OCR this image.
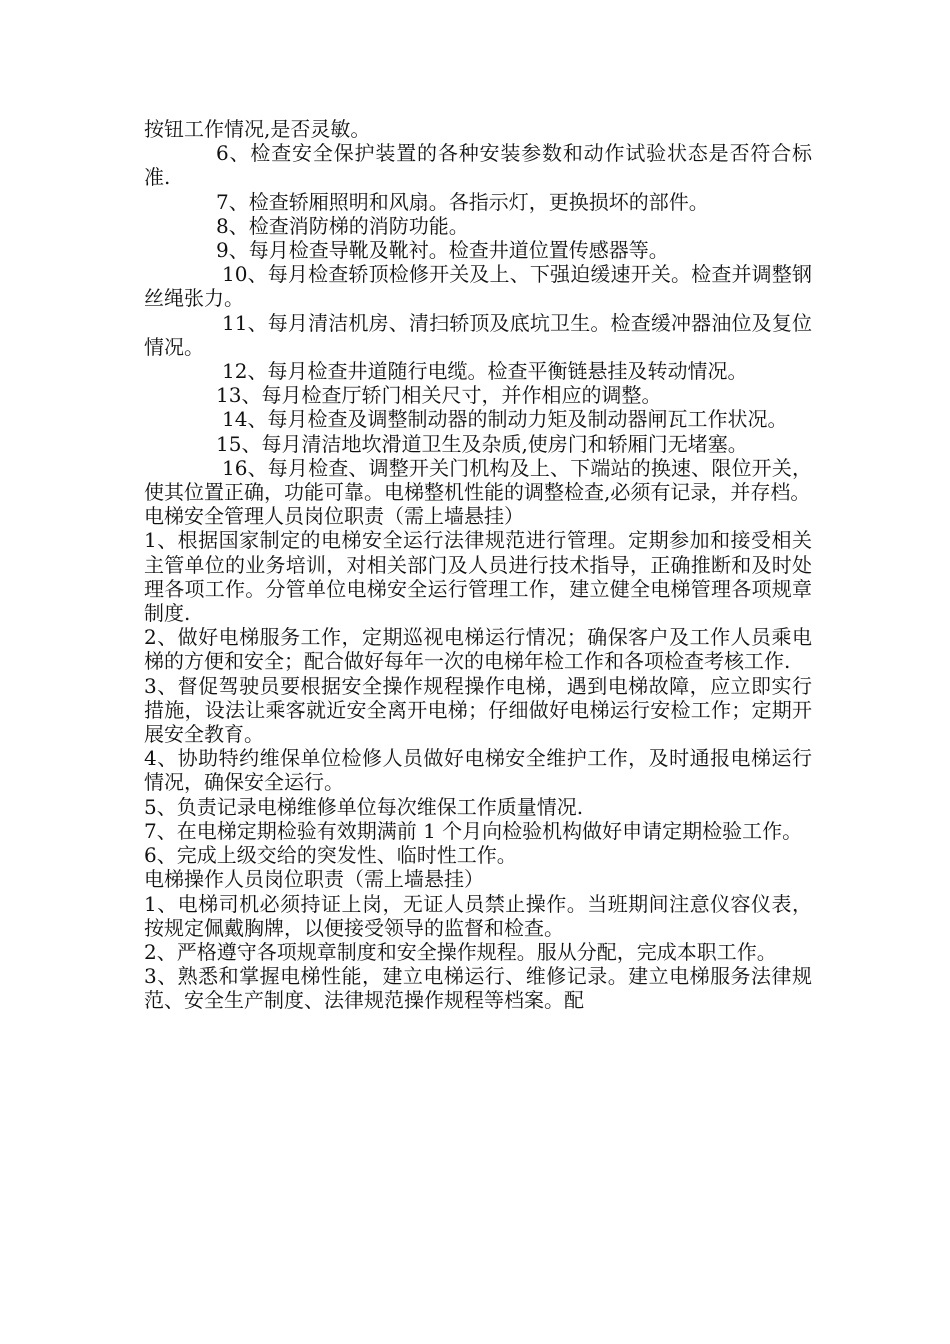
按钮工作情况,是否灵敏。

6、检查安全保护装置的各种安装参数和动作试验状态是否符合标准.

7、检查轿厢照明和风扇。各指示灯，更换损坏的部件。

8、检查消防梯的消防功能。

9、每月检查导靴及靴衬。检查井道位置传感器等。

10、每月检查轿顶检修开关及上、下强迫缓速开关。检查并调整钢丝绳张力。

11、每月清洁机房、清扫轿顶及底坑卫生。检查缓冲器油位及复位情况。

12、每月检查井道随行电缆。检查平衡链悬挂及转动情况。

13、每月检查厅轿门相关尺寸，并作相应的调整。

14、每月检查及调整制动器的制动力矩及制动器闸瓦工作状况。

15、每月清洁地坎滑道卫生及杂质,使房门和轿厢门无堵塞。

16、每月检查、调整开关门机构及上、下端站的换速、限位开关，使其位置正确，功能可靠。电梯整机性能的调整检查,必须有记录，并存档。

电梯安全管理人员岗位职责（需上墙悬挂）

1、根据国家制定的电梯安全运行法律规范进行管理。定期参加和接受相关主管单位的业务培训，对相关部门及人员进行技术指导，正确推断和及时处理各项工作。分管单位电梯安全运行管理工作，建立健全电梯管理各项规章制度.

2、做好电梯服务工作，定期巡视电梯运行情况；确保客户及工作人员乘电梯的方便和安全；配合做好每年一次的电梯年检工作和各项检查考核工作.

3、督促驾驶员要根据安全操作规程操作电梯，遇到电梯故障，应立即实行措施，设法让乘客就近安全离开电梯；仔细做好电梯运行安检工作；定期开展安全教育。

4、协助特约维保单位检修人员做好电梯安全维护工作，及时通报电梯运行情况，确保安全运行。

5、负责记录电梯维修单位每次维保工作质量情况.

7、在电梯定期检验有效期满前 1 个月向检验机构做好申请定期检验工作。

6、完成上级交给的突发性、临时性工作。

电梯操作人员岗位职责（需上墙悬挂）

1、电梯司机必须持证上岗，无证人员禁止操作。当班期间注意仪容仪表，按规定佩戴胸牌，以便接受领导的监督和检查。

2、严格遵守各项规章制度和安全操作规程。服从分配，完成本职工作。

3、熟悉和掌握电梯性能，建立电梯运行、维修记录。建立电梯服务法律规范、安全生产制度、法律规范操作规程等档案。配
